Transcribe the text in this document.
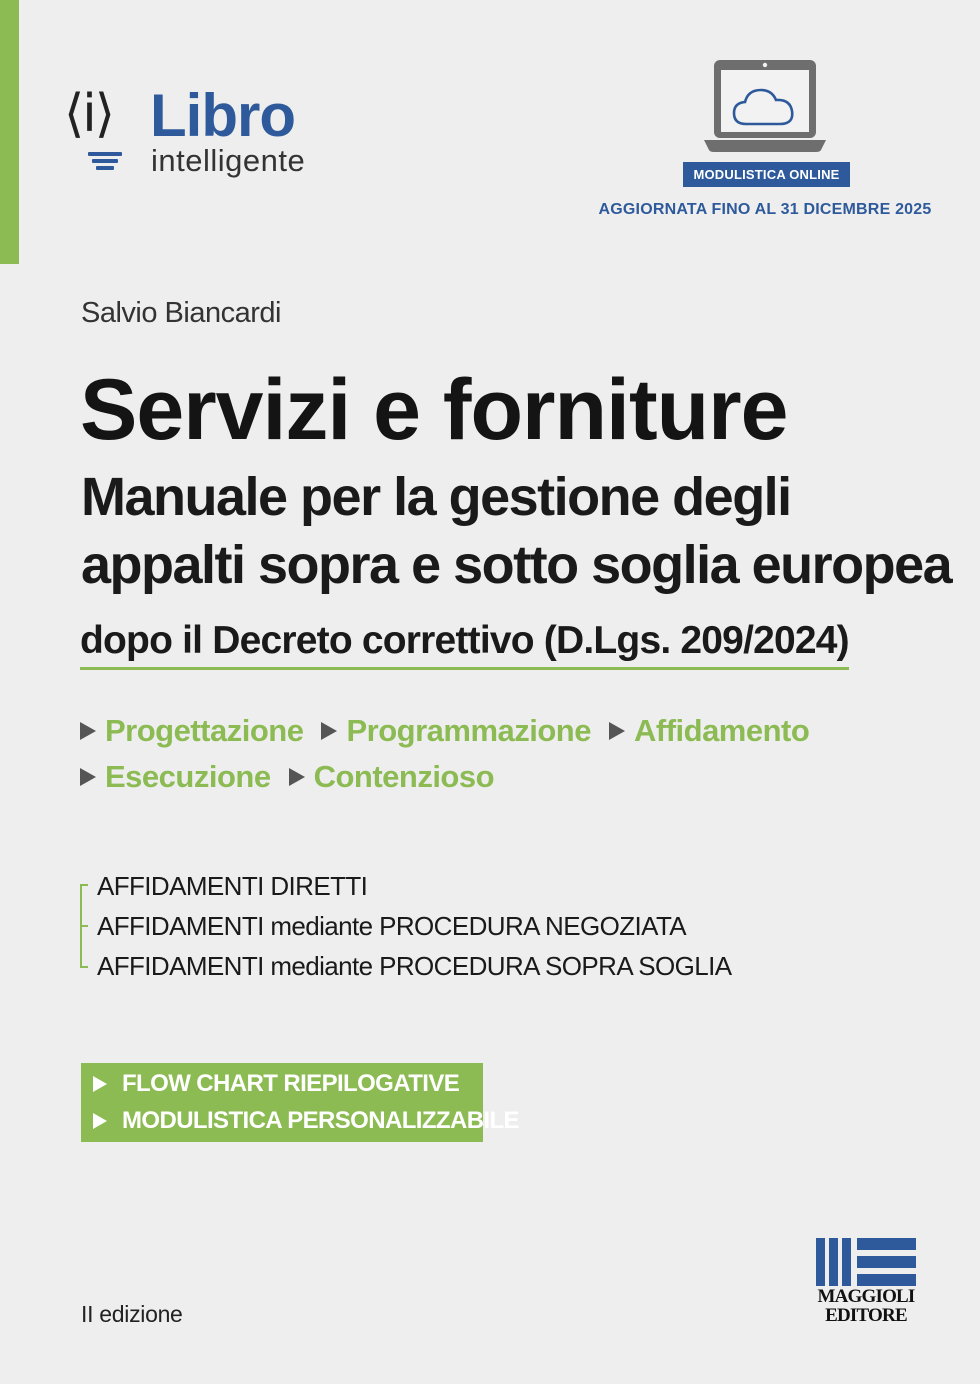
⟨i⟩ Libro
intelligente	MODULISTICA ONLINE
AGGIORNATA FINO AL 31 DICEMBRE 2025
Salvio Biancardi
Servizi e forniture
Manuale per la gestione degli appalti sopra e sotto soglia europea
dopo il Decreto correttivo (D.Lgs. 209/2024)
Progettazione Programmazione Affidamento
Esecuzione Contenzioso
AFFIDAMENTI DIRETTI
AFFIDAMENTI mediante PROCEDURA NEGOZIATA
AFFIDAMENTI mediante PROCEDURA SOPRA SOGLIA
FLOW CHART RIEPILOGATIVE
MODULISTICA PERSONALIZZABILE
II edizione
MAGGIOLI
EDITORE
